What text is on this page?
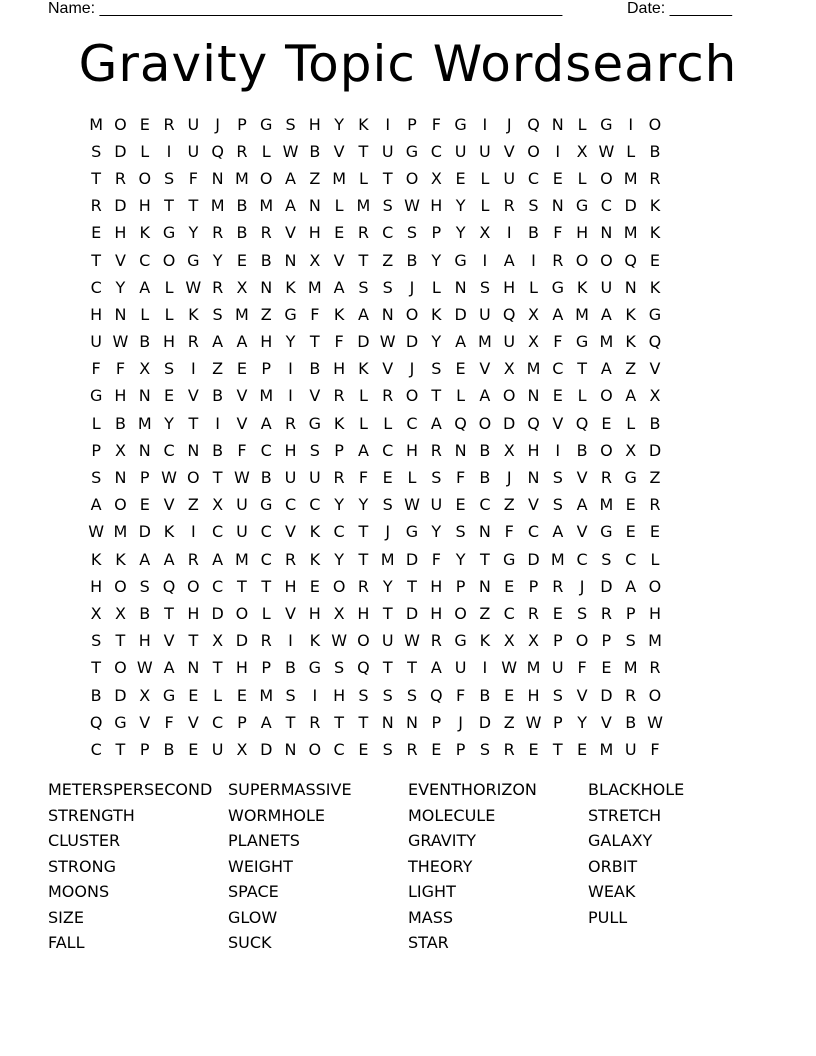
Name: ____________________________________________________	Date: _______
Gravity Topic Wordsearch
M O E R U	J	P G S H Y K	I	P F G I	J Q N L G I O
S D L	I	U Q R L W B V T U G C U U V O I	X W L B
T R O S F N M O A Z M L T O X E L U C E L O M R
R D H T T M B M A N L M S W H Y L R S N G C D K
E H K G Y R B R V H E R C S P Y X	I	B F H N M K
T V C O G Y E B N X V T Z B Y G I	A	I	R O O Q E
C Y A L W R X N K M A S S	J	L N S H L G K U N K
H N L L K S M Z G F K A N O K D U Q X A M A K G
U W B H R A A H Y T F D W D Y A M U X F G M K Q
F F X S	I	Z E P	I	B H K V	J	S E V X M C T A Z V
G H N E V B V M I	V R L R O T L A O N E L O A X
L B M Y T	I	V A R G K L L C A Q O D Q V Q E L B
P X N C N B F C H S P A C H R N B X H I	B O X D
S N P W O T W B U U R F E L S F B	J N S V R G Z
A O E V Z X U G C C Y Y S W U E C Z V S A M E R
W M D K	I	C U C V K C T	J G Y S N F C A V G E E
K K A A R A M C R K Y T M D F Y T G D M C S C L
H O S Q O C T T H E O R Y T H P N E P R	J D A O
X X B T H D O L V H X H T D H O Z C R E S R P H
S T H V T X D R	I	K W O U W R G K X X P O P S M
T O W A N T H P B G S Q T T A U	I W M U F E M R
B D X G E L E M S	I H S S S Q F B E H S V D R O
Q G V F V C P A T R T T N N P	J D Z W P Y V B W
C T P B E U X D N O C E S R E P S R E T E M U F
METERSPERSECOND
STRENGTH
CLUSTER
STRONG
MOONS
SIZE
FALL
SUPERMASSIVE
WORMHOLE
PLANETS
WEIGHT
SPACE
GLOW
SUCK
EVENTHORIZON
MOLECULE
GRAVITY
THEORY
LIGHT
MASS
STAR
BLACKHOLE
STRETCH
GALAXY
ORBIT
WEAK
PULL
